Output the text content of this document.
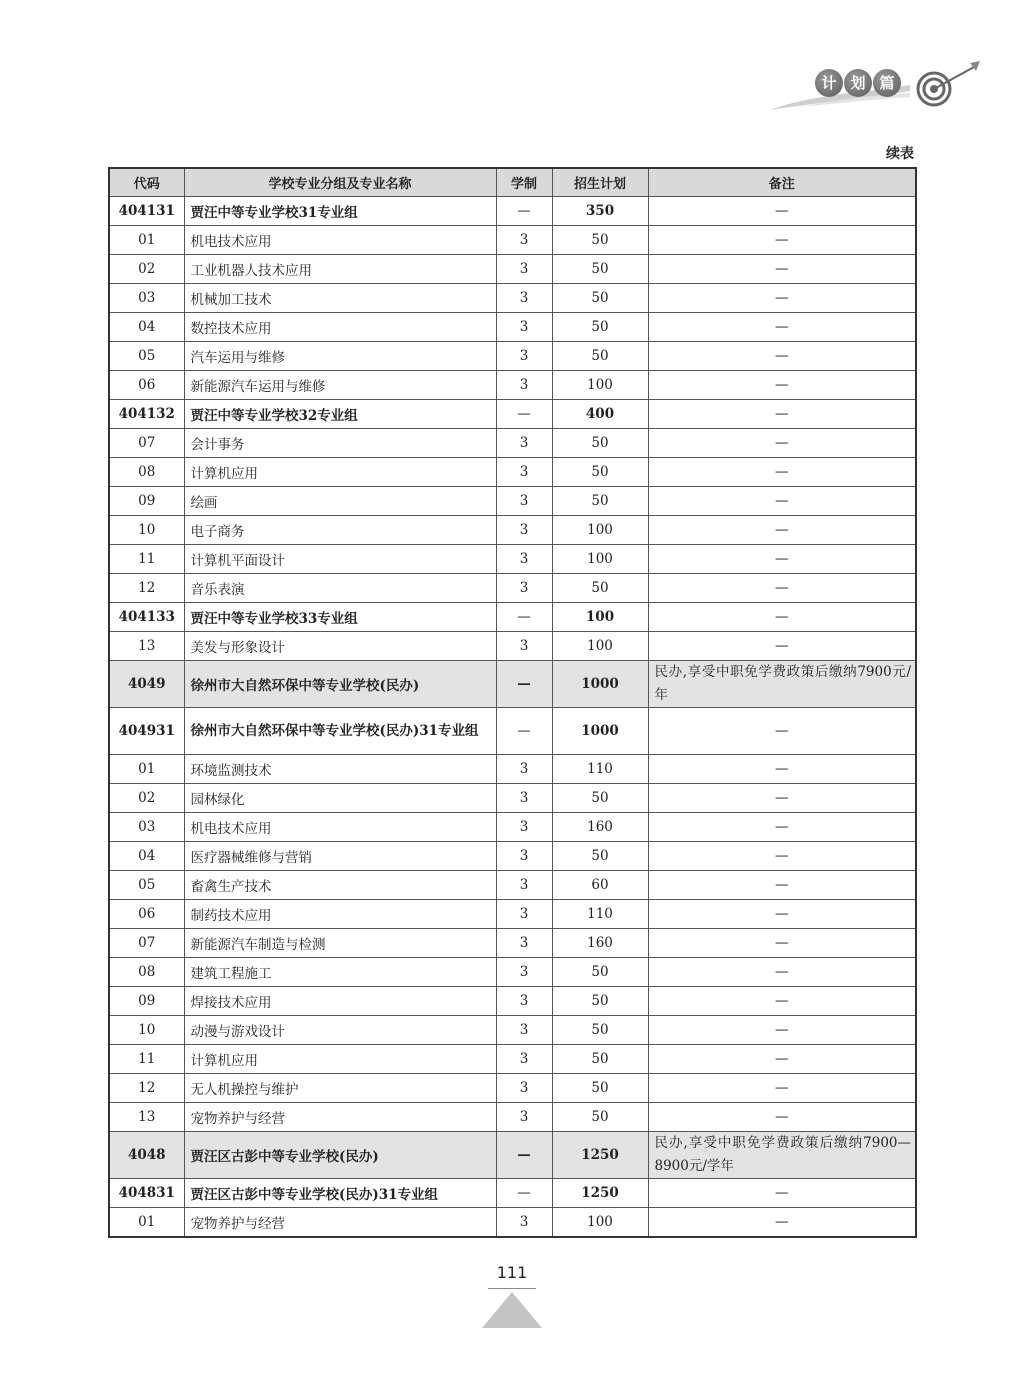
计 划 篇
续表
代码	学校专业分组及专业名称	学制	招生计划	备注
404131	贾汪中等专业学校31专业组	—	350	—
01	机电技术应用	3	50	—
02	工业机器人技术应用	3	50	—
03	机械加工技术	3	50	—
04	数控技术应用	3	50	—
05	汽车运用与维修	3	50	—
06	新能源汽车运用与维修	3	100	—
404132	贾汪中等专业学校32专业组	—	400	—
07	会计事务	3	50	—
08	计算机应用	3	50	—
09	绘画	3	50	—
10	电子商务	3	100	—
11	计算机平面设计	3	100	—
12	音乐表演	3	50	—
404133	贾汪中等专业学校33专业组	—	100	—
13	美发与形象设计	3	100	—
4049	徐州市大自然环保中等专业学校(民办)	—	1000	民办,享受中职免学费政策后缴纳7900元/年
404931	徐州市大自然环保中等专业学校(民办)31专业组	—	1000	—
01	环境监测技术	3	110	—
02	园林绿化	3	50	—
03	机电技术应用	3	160	—
04	医疗器械维修与营销	3	50	—
05	畜禽生产技术	3	60	—
06	制药技术应用	3	110	—
07	新能源汽车制造与检测	3	160	—
08	建筑工程施工	3	50	—
09	焊接技术应用	3	50	—
10	动漫与游戏设计	3	50	—
11	计算机应用	3	50	—
12	无人机操控与维护	3	50	—
13	宠物养护与经营	3	50	—
4048	贾汪区古彭中等专业学校(民办)	—	1250	民办,享受中职免学费政策后缴纳7900—8900元/学年
404831	贾汪区古彭中等专业学校(民办)31专业组	—	1250	—
01	宠物养护与经营	3	100	—
111
